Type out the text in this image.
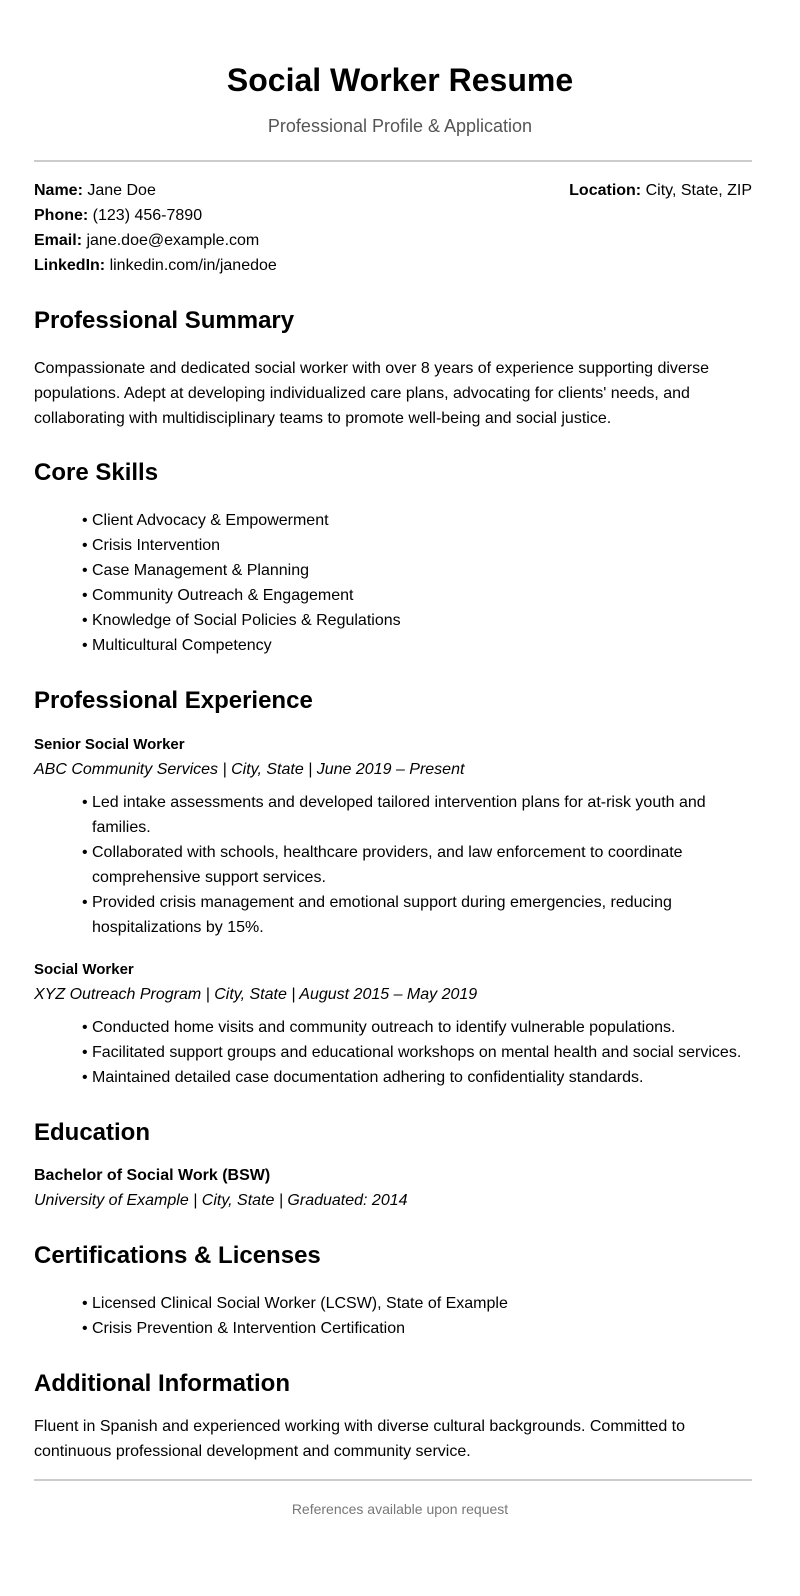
Social Worker Resume
Professional Profile & Application
Name: Jane Doe
Phone: (123) 456-7890
Email: jane.doe@example.com
LinkedIn: linkedin.com/in/janedoe
Location: City, State, ZIP
Professional Summary

Compassionate and dedicated social worker with over 8 years of experience supporting diverse populations. Adept at developing individualized care plans, advocating for clients' needs, and collaborating with multidisciplinary teams to promote well-being and social justice.

Core Skills
• Client Advocacy & Empowerment
• Crisis Intervention
• Case Management & Planning
• Community Outreach & Engagement
• Knowledge of Social Policies & Regulations
• Multicultural Competency
Professional Experience
Senior Social Worker
ABC Community Services | City, State | June 2019 – Present
• Led intake assessments and developed tailored intervention plans for at-risk youth and families.
• Collaborated with schools, healthcare providers, and law enforcement to coordinate comprehensive support services.
• Provided crisis management and emotional support during emergencies, reducing hospitalizations by 15%.
Social Worker
XYZ Outreach Program | City, State | August 2015 – May 2019
• Conducted home visits and community outreach to identify vulnerable populations.
• Facilitated support groups and educational workshops on mental health and social services.
• Maintained detailed case documentation adhering to confidentiality standards.
Education
Bachelor of Social Work (BSW)
University of Example | City, State | Graduated: 2014
Certifications & Licenses
• Licensed Clinical Social Worker (LCSW), State of Example
• Crisis Prevention & Intervention Certification
Additional Information

Fluent in Spanish and experienced working with diverse cultural backgrounds. Committed to continuous professional development and community service.

References available upon request
